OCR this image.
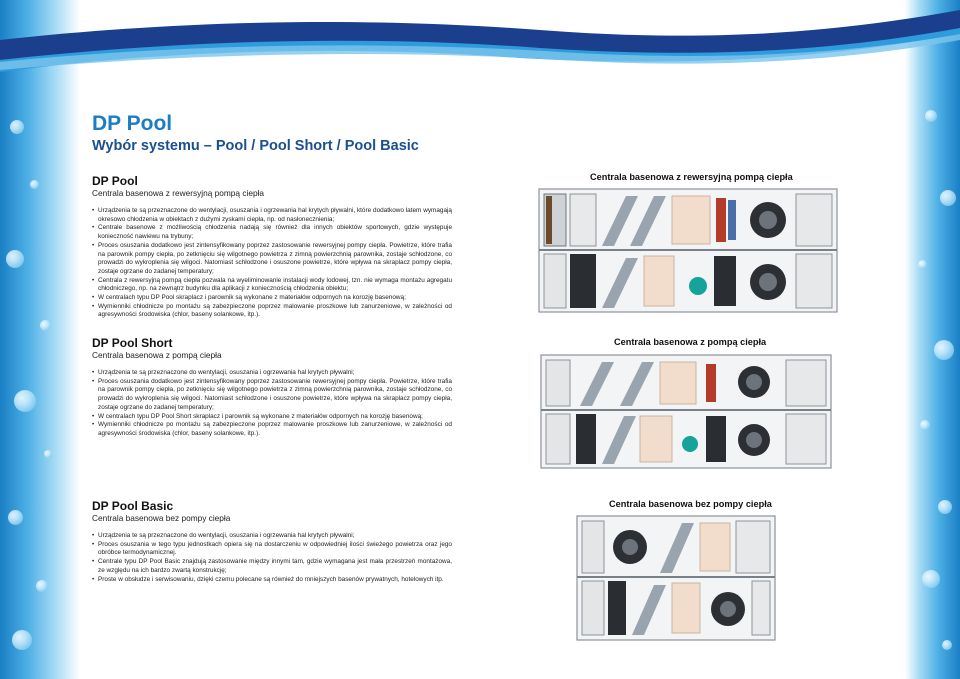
DP Pool
Wybór systemu – Pool / Pool Short / Pool Basic
DP Pool
Centrala basenowa z rewersyjną pompą ciepła
• Urządzenia te są przeznaczone do wentylacji, osuszania i ogrzewania hal krytych pływalni, które dodatkowo latem wymagają okresowo chłodzenia w obiektach z dużymi zyskami ciepła, np. od nasłonecznienia;
• Centrale basenowe z możliwością chłodzenia nadają się również dla innych obiektów sportowych, gdzie występuje konieczność nawiewu na trybuny;
• Proces osuszania dodatkowo jest zintensyfikowany poprzez zastosowanie rewersyjnej pompy ciepła. Powietrze, które trafia na parownik pompy ciepła, po zetknięciu się wilgotnego powietrza z zimną powierzchnią parownika, zostaje schłodzone, co prowadzi do wykroplenia się wilgoci. Natomiast schłodzone i osuszone powietrze, które wpływa na skraplacz pompy ciepła, zostaje ogrzane do zadanej temperatury;
• Centrala z rewersyjną pompą ciepła pozwala na wyeliminowanie instalacji wody lodowej, tzn. nie wymaga montażu agregatu chłodniczego, np. na zewnątrz budynku dla aplikacji z koniecznością chłodzenia obiektu;
• W centralach typu DP Pool skraplacz i parownik są wykonane z materiałów odpornych na korozję basenową;
• Wymienniki chłodnicze po montażu są zabezpieczone poprzez malowanie proszkowe lub zanurzeniowe, w zależności od agresywności środowiska (chlor, baseny solankowe, itp.).
DP Pool Short
Centrala basenowa z pompą ciepła
• Urządzenia te są przeznaczone do wentylacji, osuszania i ogrzewania hal krytych pływalni;
• Proces osuszania dodatkowo jest zintensyfikowany poprzez zastosowanie rewersyjnej pompy ciepła. Powietrze, które trafia na parownik pompy ciepła, po zetknięciu się wilgotnego powietrza z zimną powierzchnią parownika, zostaje schłodzone, co prowadzi do wykroplenia się wilgoci. Natomiast schłodzone i osuszone powietrze, które wpływa na skraplacz pompy ciepła, zostaje ogrzane do zadanej temperatury;
• W centralach typu DP Pool Short skraplacz i parownik są wykonane z materiałów odpornych na korozję basenową;
• Wymienniki chłodnicze po montażu są zabezpieczone poprzez malowanie proszkowe lub zanurzeniowe, w zależności od agresywności środowiska (chlor, baseny solankowe, itp.).
DP Pool Basic
Centrala basenowa bez pompy ciepła
• Urządzenia te są przeznaczone do wentylacji, osuszania i ogrzewania hal krytych pływalni;
• Proces osuszania w tego typu jednostkach opiera się na dostarczeniu w odpowiedniej ilości świeżego powietrza oraz jego obróbce termodynamicznej.
• Centrale typu DP Pool Basic znajdują zastosowanie między innymi tam, gdzie wymagana jest mała przestrzeń montażowa, ze względu na ich bardzo zwartą konstrukcję;
• Proste w obsłudze i serwisowaniu, dzięki czemu polecane są również do mniejszych basenów prywatnych, hotelowych itp.
Centrala basenowa z rewersyjną pompą ciepła
Centrala basenowa z pompą ciepła
Centrala basenowa bez pompy ciepła
